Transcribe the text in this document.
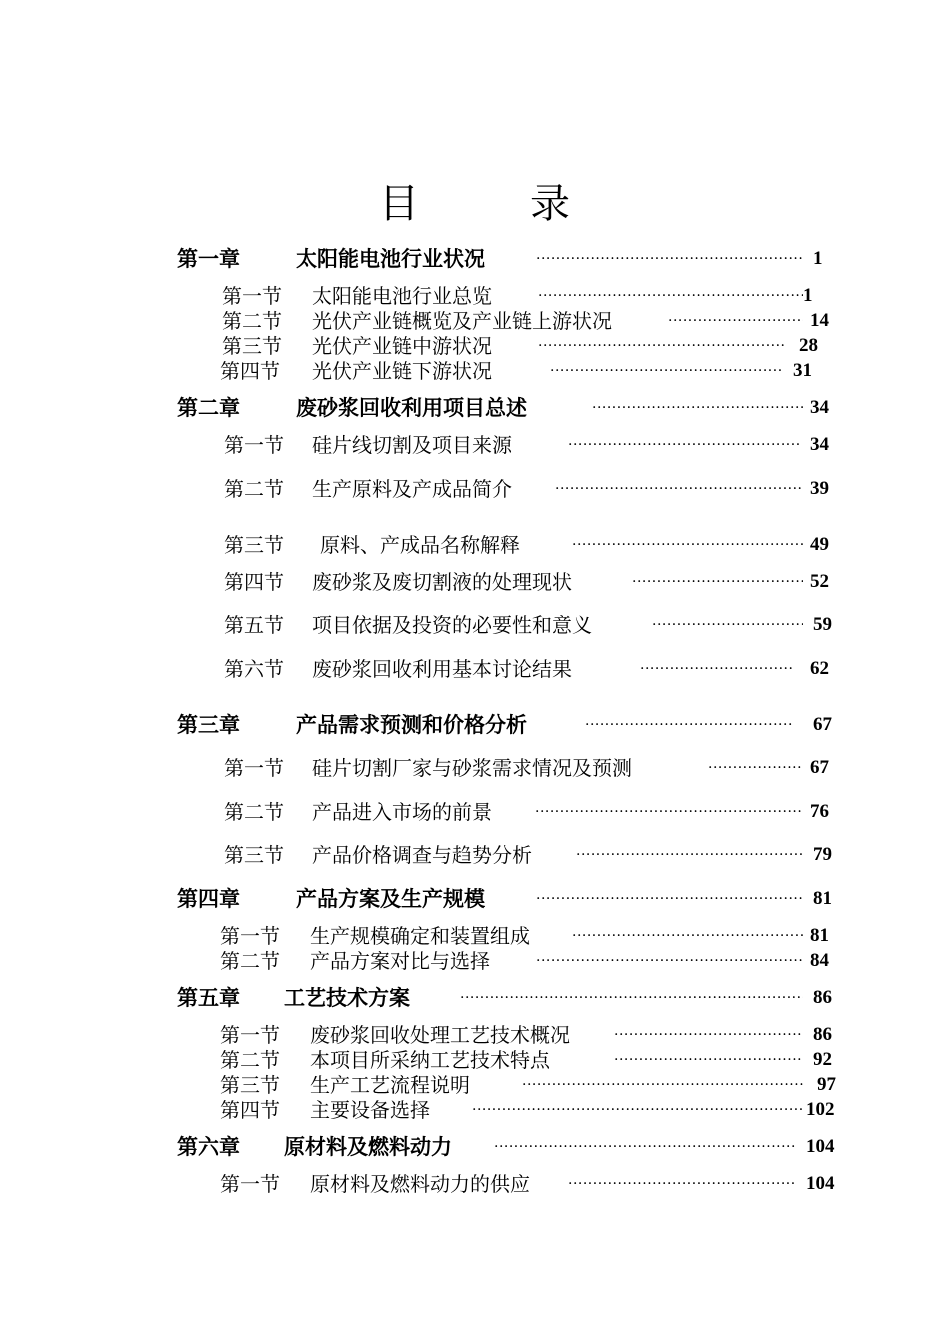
目	录
第一章	太阳能电池行业状况 ·····	1
第一节 太阳能电池行业总览 ·····	1
第二节 光伏产业链概览及产业链上游状况 ·····	14
第三节 光伏产业链中游状况 ·····	28
第四节 光伏产业链下游状况 ·····	31
第二章	废砂浆回收利用项目总述 ·····	34
第一节 硅片线切割及项目来源 ·····	34
第二节 生产原料及产成品简介 ·····	39
第三节 原料、产成品名称解释 ·····	49
第四节 废砂浆及废切割液的处理现状 ·····	52
第五节 项目依据及投资的必要性和意义 ·····	59
第六节 废砂浆回收利用基本讨论结果 ·····	62
第三章	产品需求预测和价格分析 ·····	67
第一节 硅片切割厂家与砂浆需求情况及预测 ·····	67
第二节 产品进入市场的前景 ·····	76
第三节 产品价格调查与趋势分析 ·····	79
第四章	产品方案及生产规模 ·····	81
第一节 生产规模确定和装置组成 ·····	81
第二节 产品方案对比与选择 ·····	84
第五章 工艺技术方案 ·····	86
第一节 废砂浆回收处理工艺技术概况 ·····	86
第二节 本项目所采纳工艺技术特点 ·····	92
第三节 生产工艺流程说明 ·····	97
第四节 主要设备选择 ·····	102
第六章 原材料及燃料动力 ·····	104
第一节 原材料及燃料动力的供应 ·····	104
